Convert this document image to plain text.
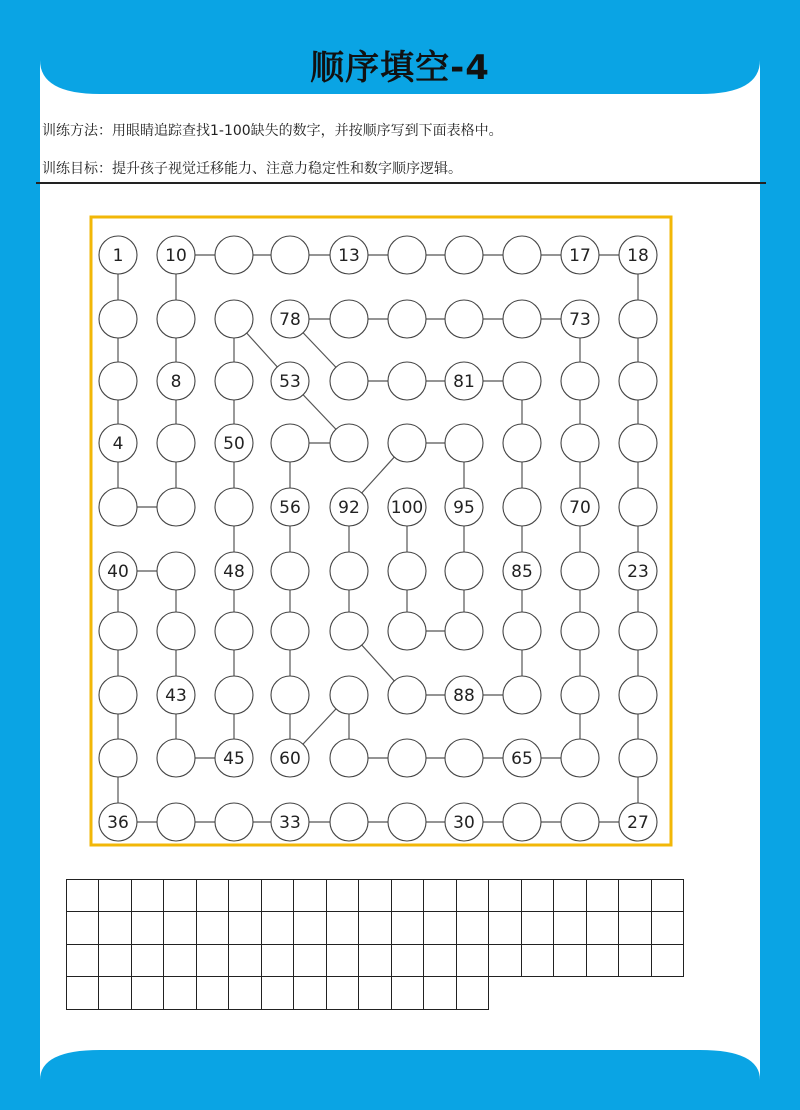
顺序填空-4
训练方法：用眼睛追踪查找1-100缺失的数字，并按顺序写到下面表格中。
训练目标：提升孩子视觉迁移能力、注意力稳定性和数字顺序逻辑。
1 10	13	17 18
78	73
8	53	81
4	50
56 92 100 95	70
40	48	85	23
43	88
45 60	65
36	33	30	27
